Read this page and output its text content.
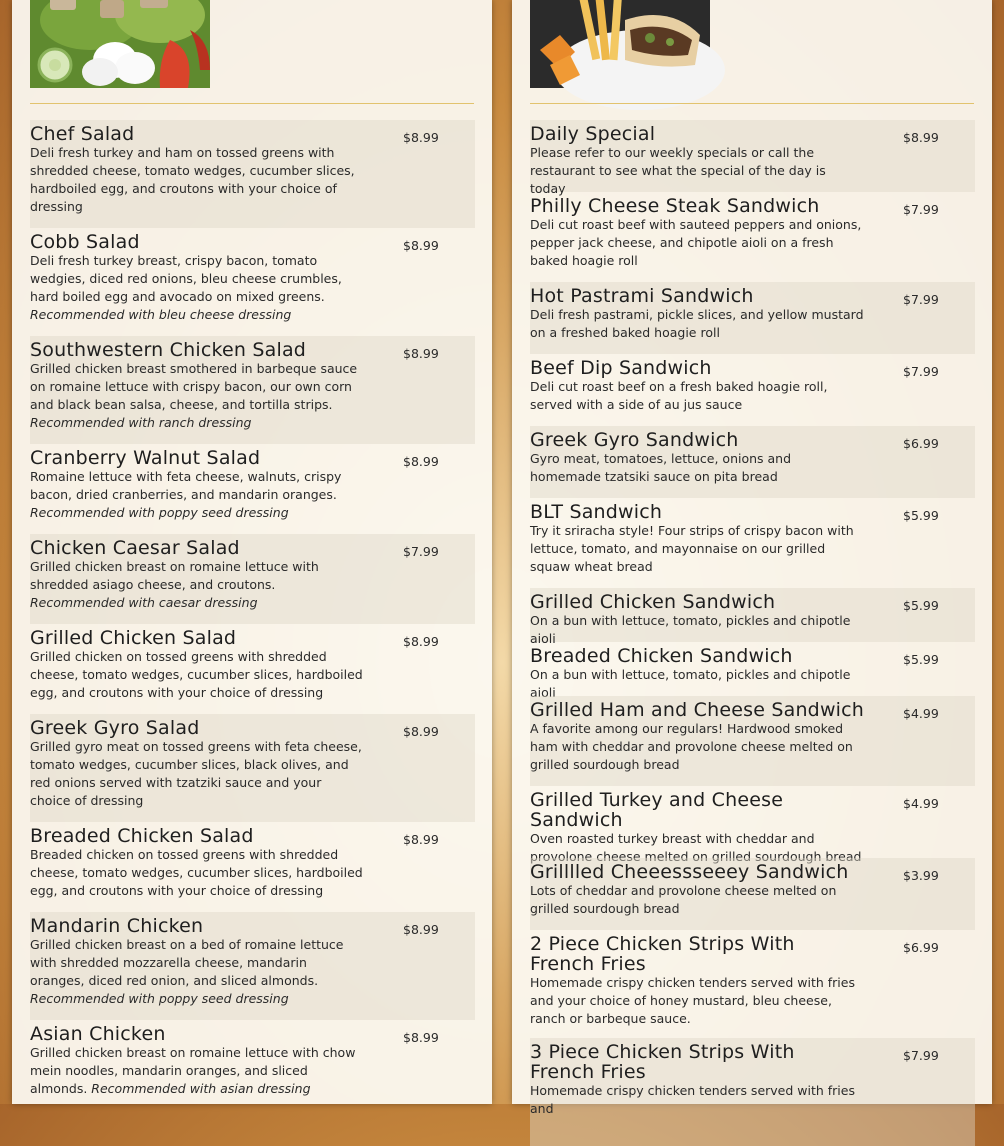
Chef Salad
Deli fresh turkey and ham on tossed greens with shredded cheese, tomato wedges, cucumber slices, hardboiled egg, and croutons with your choice of dressing
$8.99
Cobb Salad
Deli fresh turkey breast, crispy bacon, tomato wedgies, diced red onions, bleu cheese crumbles, hard boiled egg and avocado on mixed greens. Recommended with bleu cheese dressing
$8.99
Southwestern Chicken Salad
Grilled chicken breast smothered in barbeque sauce on romaine lettuce with crispy bacon, our own corn and black bean salsa, cheese, and tortilla strips. Recommended with ranch dressing
$8.99
Cranberry Walnut Salad
Romaine lettuce with feta cheese, walnuts, crispy bacon, dried cranberries, and mandarin oranges. Recommended with poppy seed dressing
$8.99
Chicken Caesar Salad
Grilled chicken breast on romaine lettuce with shredded asiago cheese, and croutons. Recommended with caesar dressing
$7.99
Grilled Chicken Salad
Grilled chicken on tossed greens with shredded cheese, tomato wedges, cucumber slices, hardboiled egg, and croutons with your choice of dressing
$8.99
Greek Gyro Salad
Grilled gyro meat on tossed greens with feta cheese, tomato wedges, cucumber slices, black olives, and red onions served with tzatziki sauce and your choice of dressing
$8.99
Breaded Chicken Salad
Breaded chicken on tossed greens with shredded cheese, tomato wedges, cucumber slices, hardboiled egg, and croutons with your choice of dressing
$8.99
Mandarin Chicken
Grilled chicken breast on a bed of romaine lettuce with shredded mozzarella cheese, mandarin oranges, diced red onion, and sliced almonds. Recommended with poppy seed dressing
$8.99
Asian Chicken
Grilled chicken breast on romaine lettuce with chow mein noodles, mandarin oranges, and sliced almonds. Recommended with asian dressing
$8.99
Daily Special
Please refer to our weekly specials or call the restaurant to see what the special of the day is today
$8.99
Philly Cheese Steak Sandwich
Deli cut roast beef with sauteed peppers and onions, pepper jack cheese, and chipotle aioli on a fresh baked hoagie roll
$7.99
Hot Pastrami Sandwich
Deli fresh pastrami, pickle slices, and yellow mustard on a freshed baked hoagie roll
$7.99
Beef Dip Sandwich
Deli cut roast beef on a fresh baked hoagie roll, served with a side of au jus sauce
$7.99
Greek Gyro Sandwich
Gyro meat, tomatoes, lettuce, onions and homemade tzatsiki sauce on pita bread
$6.99
BLT Sandwich
Try it sriracha style! Four strips of crispy bacon with lettuce, tomato, and mayonnaise on our grilled squaw wheat bread
$5.99
Grilled Chicken Sandwich
On a bun with lettuce, tomato, pickles and chipotle aioli
$5.99
Breaded Chicken Sandwich
On a bun with lettuce, tomato, pickles and chipotle aioli
$5.99
Grilled Ham and Cheese Sandwich
A favorite among our regulars! Hardwood smoked ham with cheddar and provolone cheese melted on grilled sourdough bread
$4.99
Grilled Turkey and Cheese Sandwich
Oven roasted turkey breast with cheddar and provolone cheese melted on grilled sourdough bread
$4.99
Grilllled Cheeessseeey Sandwich
Lots of cheddar and provolone cheese melted on grilled sourdough bread
$3.99
2 Piece Chicken Strips With French Fries
Homemade crispy chicken tenders served with fries and your choice of honey mustard, bleu cheese, ranch or barbeque sauce.
$6.99
3 Piece Chicken Strips With French Fries
Homemade crispy chicken tenders served with fries and
$7.99
